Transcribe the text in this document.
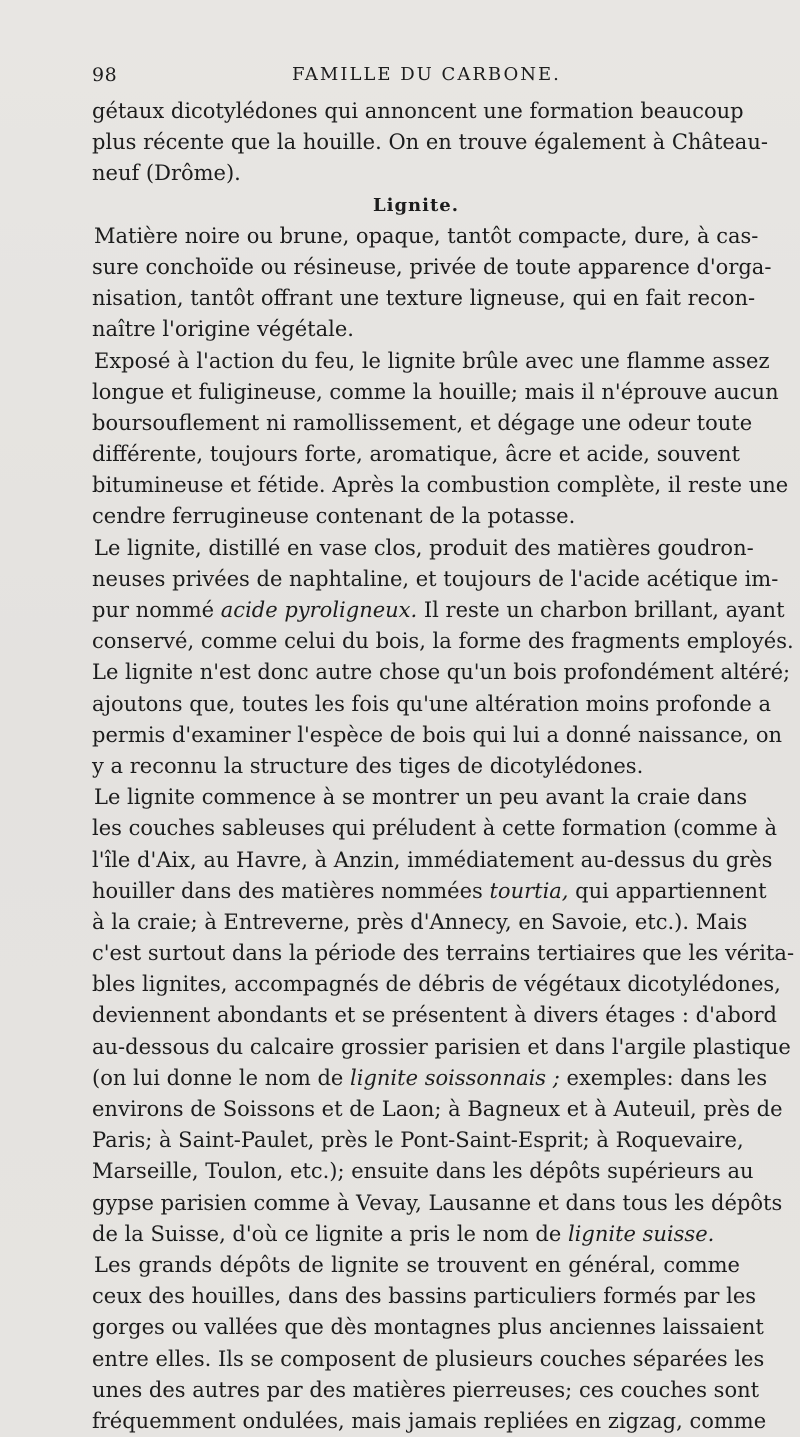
98	FAMILLE DU CARBONE.
gétaux dicotylédones qui annoncent une formation beaucoup
plus récente que la houille. On en trouve également à Château-
neuf (Drôme).
Lignite.
Matière noire ou brune, opaque, tantôt compacte, dure, à cas-
sure conchoïde ou résineuse, privée de toute apparence d'orga-
nisation, tantôt offrant une texture ligneuse, qui en fait recon-
naître l'origine végétale.
Exposé à l'action du feu, le lignite brûle avec une flamme assez
longue et fuligineuse, comme la houille; mais il n'éprouve aucun
boursouflement ni ramollissement, et dégage une odeur toute
différente, toujours forte, aromatique, âcre et acide, souvent
bitumineuse et fétide. Après la combustion complète, il reste une
cendre ferrugineuse contenant de la potasse.
Le lignite, distillé en vase clos, produit des matières goudron-
neuses privées de naphtaline, et toujours de l'acide acétique im-
pur nommé acide pyroligneux. Il reste un charbon brillant, ayant
conservé, comme celui du bois, la forme des fragments employés.
Le lignite n'est donc autre chose qu'un bois profondément altéré;
ajoutons que, toutes les fois qu'une altération moins profonde a
permis d'examiner l'espèce de bois qui lui a donné naissance, on
y a reconnu la structure des tiges de dicotylédones.
Le lignite commence à se montrer un peu avant la craie dans
les couches sableuses qui préludent à cette formation (comme à
l'île d'Aix, au Havre, à Anzin, immédiatement au-dessus du grès
houiller dans des matières nommées tourtia, qui appartiennent
à la craie; à Entreverne, près d'Annecy, en Savoie, etc.). Mais
c'est surtout dans la période des terrains tertiaires que les vérita-
bles lignites, accompagnés de débris de végétaux dicotylédones,
deviennent abondants et se présentent à divers étages : d'abord
au-dessous du calcaire grossier parisien et dans l'argile plastique
(on lui donne le nom de lignite soissonnais ; exemples: dans les
environs de Soissons et de Laon; à Bagneux et à Auteuil, près de
Paris; à Saint-Paulet, près le Pont-Saint-Esprit; à Roquevaire,
Marseille, Toulon, etc.); ensuite dans les dépôts supérieurs au
gypse parisien comme à Vevay, Lausanne et dans tous les dépôts
de la Suisse, d'où ce lignite a pris le nom de lignite suisse.
Les grands dépôts de lignite se trouvent en général, comme
ceux des houilles, dans des bassins particuliers formés par les
gorges ou vallées que dès montagnes plus anciennes laissaient
entre elles. Ils se composent de plusieurs couches séparées les
unes des autres par des matières pierreuses; ces couches sont
fréquemment ondulées, mais jamais repliées en zigzag, comme
